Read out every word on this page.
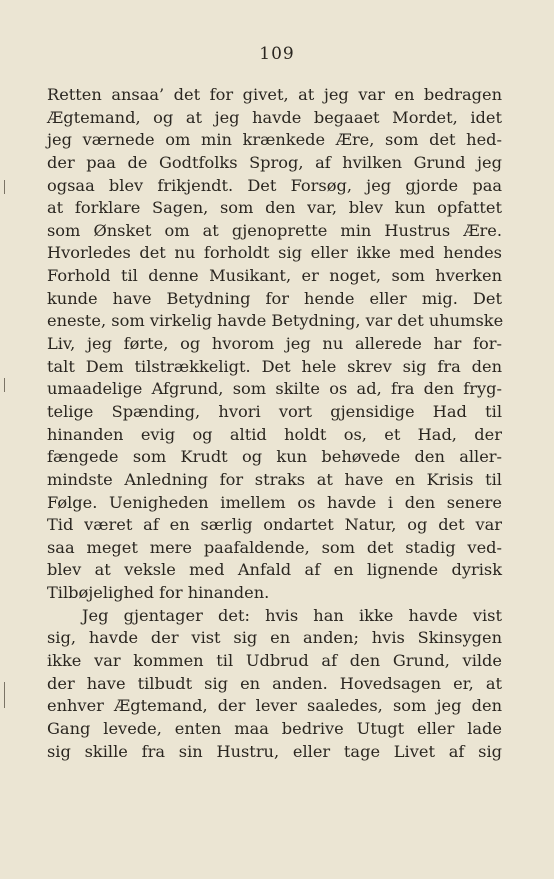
109
Retten ansaa’ det for givet, at jeg var en bedragen
Ægtemand, og at jeg havde begaaet Mordet, idet
jeg værnede om min krænkede Ære, som det hed-
der paa de Godtfolks Sprog, af hvilken Grund jeg
ogsaa blev frikjendt. Det Forsøg, jeg gjorde paa
at forklare Sagen, som den var, blev kun opfattet
som Ønsket om at gjenoprette min Hustrus Ære.
Hvorledes det nu forholdt sig eller ikke med hendes
Forhold til denne Musikant, er noget, som hverken
kunde have Betydning for hende eller mig. Det
eneste, som virkelig havde Betydning, var det uhumske
Liv, jeg førte, og hvorom jeg nu allerede har for-
talt Dem tilstrækkeligt. Det hele skrev sig fra den
umaadelige Afgrund, som skilte os ad, fra den fryg-
telige Spænding, hvori vort gjensidige Had til
hinanden evig og altid holdt os, et Had, der
fængede som Krudt og kun behøvede den aller-
mindste Anledning for straks at have en Krisis til
Følge. Uenigheden imellem os havde i den senere
Tid været af en særlig ondartet Natur, og det var
saa meget mere paafaldende, som det stadig ved-
blev at veksle med Anfald af en lignende dyrisk
Tilbøjelighed for hinanden.
Jeg gjentager det: hvis han ikke havde vist
sig, havde der vist sig en anden; hvis Skinsygen
ikke var kommen til Udbrud af den Grund, vilde
der have tilbudt sig en anden. Hovedsagen er, at
enhver Ægtemand, der lever saaledes, som jeg den
Gang levede, enten maa bedrive Utugt eller lade
sig skille fra sin Hustru, eller tage Livet af sig
